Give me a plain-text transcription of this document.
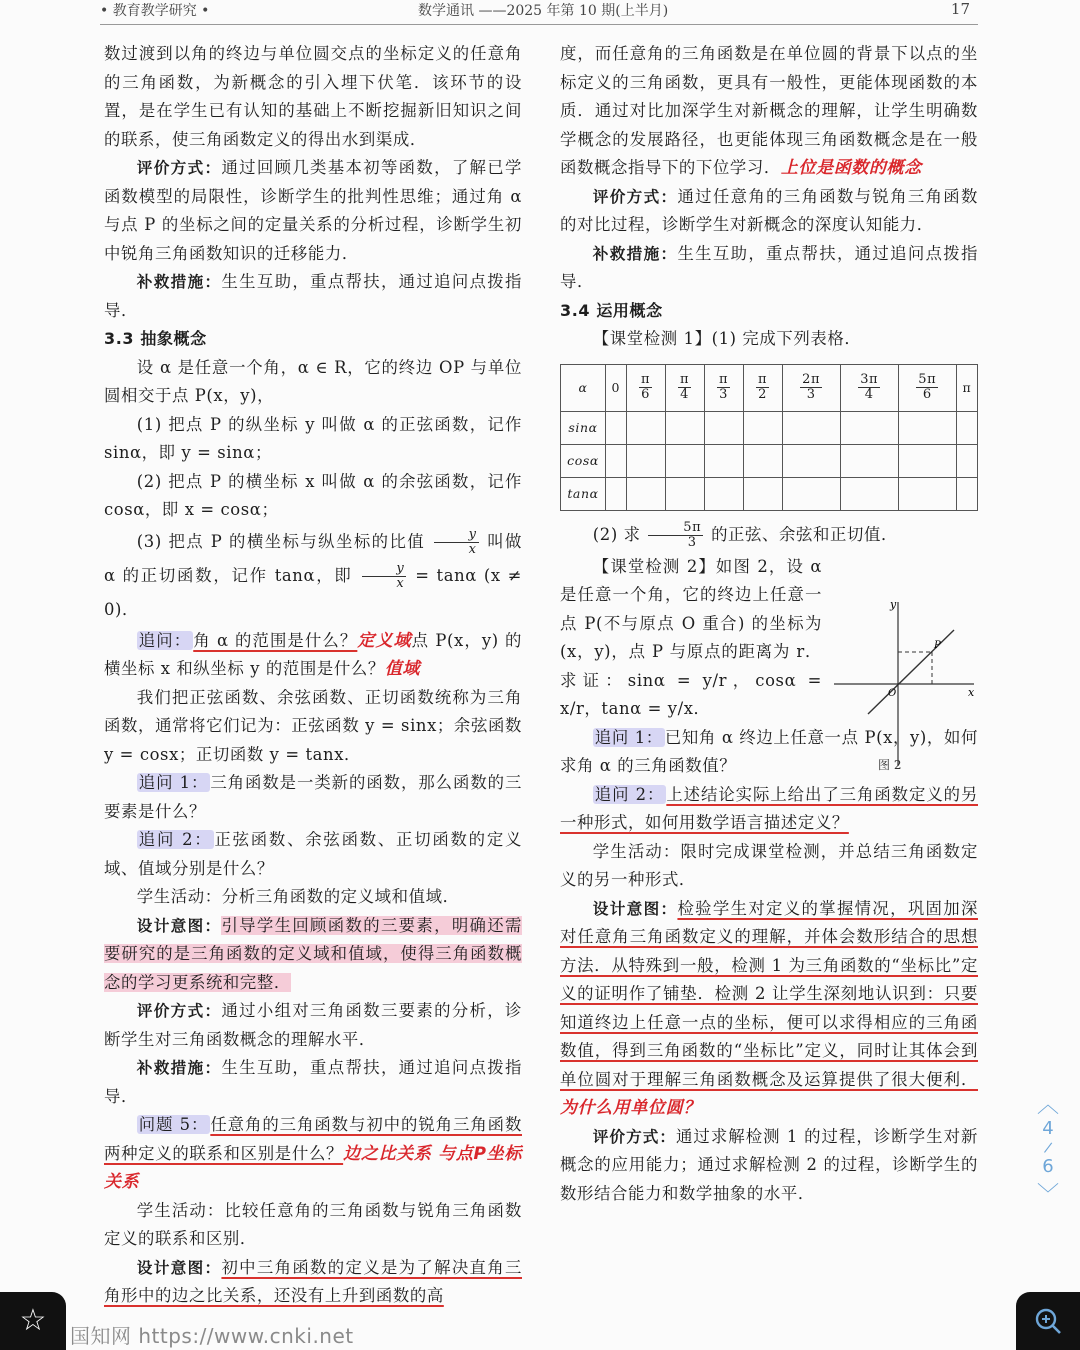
• 教育教学研究 •	数学通讯 ——2025 年第 10 期(上半月)	17

数过渡到以角的终边与单位圆交点的坐标定义的任意角的三角函数，为新概念的引入埋下伏笔．该环节的设置，是在学生已有认知的基础上不断挖掘新旧知识之间的联系，使三角函数定义的得出水到渠成．

评价方式：通过回顾几类基本初等函数，了解已学函数模型的局限性，诊断学生的批判性思维；通过角 α 与点 P 的坐标之间的定量关系的分析过程，诊断学生初中锐角三角函数知识的迁移能力．

补救措施：生生互助，重点帮扶，通过追问点拨指导．

3.3 抽象概念

设 α 是任意一个角，α ∈ R，它的终边 OP 与单位圆相交于点 P(x，y)，

(1) 把点 P 的纵坐标 y 叫做 α 的正弦函数，记作 sinα，即 y = sinα；

(2) 把点 P 的横坐标 x 叫做 α 的余弦函数，记作 cosα，即 x = cosα；

(3) 把点 P 的横坐标与纵坐标的比值 $\frac{y}{x}$ 叫做 α 的正切函数，记作 tanα，即 $\frac{y}{x} = \tan\alpha$ (x ≠ 0)．

追问： 角 α 的范围是什么？定义域点 P(x，y) 的横坐标 x 和纵坐标 y 的范围是什么？值域

我们把正弦函数、余弦函数、正切函数统称为三角函数，通常将它们记为：正弦函数 y = sinx；余弦函数 y = cosx；正切函数 y = tanx．

追问 1： 三角函数是一类新的函数，那么函数的三要素是什么？

追问 2： 正弦函数、余弦函数、正切函数的定义域、值域分别是什么？

学生活动：分析三角函数的定义域和值域．

设计意图：引导学生回顾函数的三要素，明确还需要研究的是三角函数的定义域和值域，使得三角函数概念的学习更系统和完整．

评价方式：通过小组对三角函数三要素的分析，诊断学生对三角函数概念的理解水平．

补救措施：生生互助，重点帮扶，通过追问点拨指导．

问题 5： 任意角的三角函数与初中的锐角三角函数两种定义的联系和区别是什么？边之比关系 与点P坐标关系

学生活动：比较任意角的三角函数与锐角三角函数定义的联系和区别．

设计意图：初中三角函数的定义是为了解决直角三角形中的边之比关系，还没有上升到函数的高

度，而任意角的三角函数是在单位圆的背景下以点的坐标定义的三角函数，更具有一般性，更能体现函数的本质．通过对比加深学生对新概念的理解，让学生明确数学概念的发展路径，也更能体现三角函数概念是在一般函数概念指导下的下位学习．上位是函数的概念

评价方式：通过任意角的三角函数与锐角三角函数的对比过程，诊断学生对新概念的深度认知能力．

补救措施：生生互助，重点帮扶，通过追问点拨指导．

3.4 运用概念

【课堂检测 1】(1) 完成下列表格．

α	0	$\frac{\pi}{6}$	$\frac{\pi}{4}$	$\frac{\pi}{3}$	$\frac{\pi}{2}$	$\frac{2\pi}{3}$	$\frac{3\pi}{4}$	$\frac{5\pi}{6}$	π
sinα									
cosα									
tanα									

(2) 求 $\frac{5\pi}{3}$ 的正弦、余弦和正切值．

【课堂检测 2】如图 2，设 α 是任意一个角，它的终边上任意一点 P(不与原点 O 重合) 的坐标为 (x，y)，点 P 与原点的距离为 r．求证：sinα = y/r，cosα = x/r，tanα = y/x．

追问 1： 已知角 α 终边上任意一点 P(x，y)，如何求角 α 的三角函数值？

追问 2： 上述结论实际上给出了三角函数定义的另一种形式，如何用数学语言描述定义？

学生活动：限时完成课堂检测，并总结三角函数定义的另一种形式．

设计意图：检验学生对定义的掌握情况，巩固加深对任意角三角函数定义的理解，并体会数形结合的思想方法．从特殊到一般，检测 1 为三角函数的“坐标比”定义的证明作了铺垫．检测 2 让学生深刻地认识到：只要知道终边上任意一点的坐标，便可以求得相应的三角函数值，得到三角函数的“坐标比”定义，同时让其体会到单位圆对于理解三角函数概念及运算提供了很大便利．为什么用单位圆？

评价方式：通过求解检测 1 的过程，诊断学生对新概念的应用能力；通过求解检测 2 的过程，诊断学生的数形结合能力和数学抽象的水平．

x
y
O
P
图 2
☆	国知网 https://www.cnki.net
︿
4
/
6
﹀
